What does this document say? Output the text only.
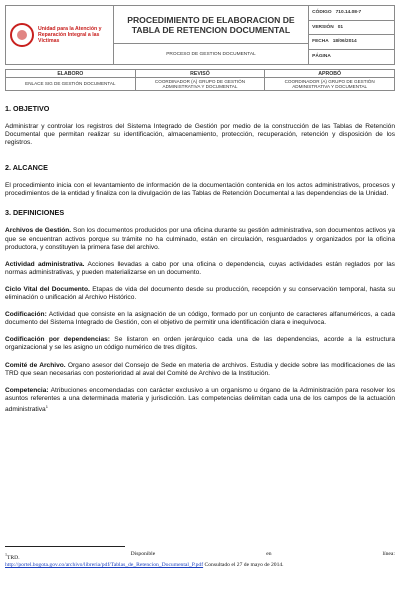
Unidad para la Atención y Reparación Integral a las Víctimas

PROCEDIMIENTO DE ELABORACION DE TABLA DE RETENCION DOCUMENTAL
PROCESO DE GESTION DOCUMENTAL

CÓDIGO 710.14.08-7
VERSIÓN 01
FECHA 18/06/2014
PÁGINA
ELABORO	REVISÓ	APROBÓ
ENLACE SIG DE GESTIÓN DOCUMENTAL	COORDINADOR (A) GRUPO DE GESTIÓN ADMINISTRATIVA Y DOCUMENTAL	COORDINADOR (A) GRUPO DE GESTIÓN ADMINISTRATIVA Y DOCUMENTAL
1. OBJETIVO

Administrar y controlar los registros del Sistema Integrado de Gestión por medio de la construcción de las Tablas de Retención Documental que permitan realizar su identificación, almacenamiento, protección, recuperación, retención y disposición de los registros.

2. ALCANCE

El procedimiento inicia con el levantamiento de información de la documentación contenida en los actos administrativos, procesos y procedimientos de la entidad y finaliza con la divulgación de las Tablas de Retención Documental a las dependencias de la Unidad.

3. DEFINICIONES

Archivos de Gestión. Son los documentos producidos por una oficina durante su gestión administrativa, son documentos activos ya que se encuentran activos porque su trámite no ha culminado, están en circulación, resguardados y organizados por la oficina productora, y constituyen la primera fase del archivo.

Actividad administrativa. Acciones llevadas a cabo por una oficina o dependencia, cuyas actividades están reglados por las normas administrativas, y pueden materializarse en un documento.

Ciclo Vital del Documento. Etapas de vida del documento desde su producción, recepción y su conservación temporal, hasta su eliminación o unificación al Archivo Histórico.

Codificación: Actividad que consiste en la asignación de un código, formado por un conjunto de caracteres alfanuméricos, a cada documento del Sistema Integrado de Gestión, con el objetivo de permitir una identificación clara e inequívoca.

Codificación por dependencias: Se listaron en orden jerárquico cada una de las dependencias, acorde a la estructura organizacional y se les asigno un código numérico de tres dígitos.

Comité de Archivo. Organo asesor del Consejo de Sede en materia de archivos. Estudia y decide sobre las modificaciones de las TRD que sean necesarias con posterioridad al aval del Comité de Archivo de la Institución.

Competencia: Atribuciones encomendadas con carácter exclusivo a un organismo u órgano de la Administración para resolver los asuntos referentes a una determinada materia y jurisdicción. Las competencias delimitan cada una de los campos de la actuación administrativa$^1$

$^1$TRD.
Disponible	en	línea:
http://portel.bogota.gov.co/archivo/libreria/pdf/Tablas_de_Retencion_Documental_P.pdf Consultado el 27 de mayo de 2014.
